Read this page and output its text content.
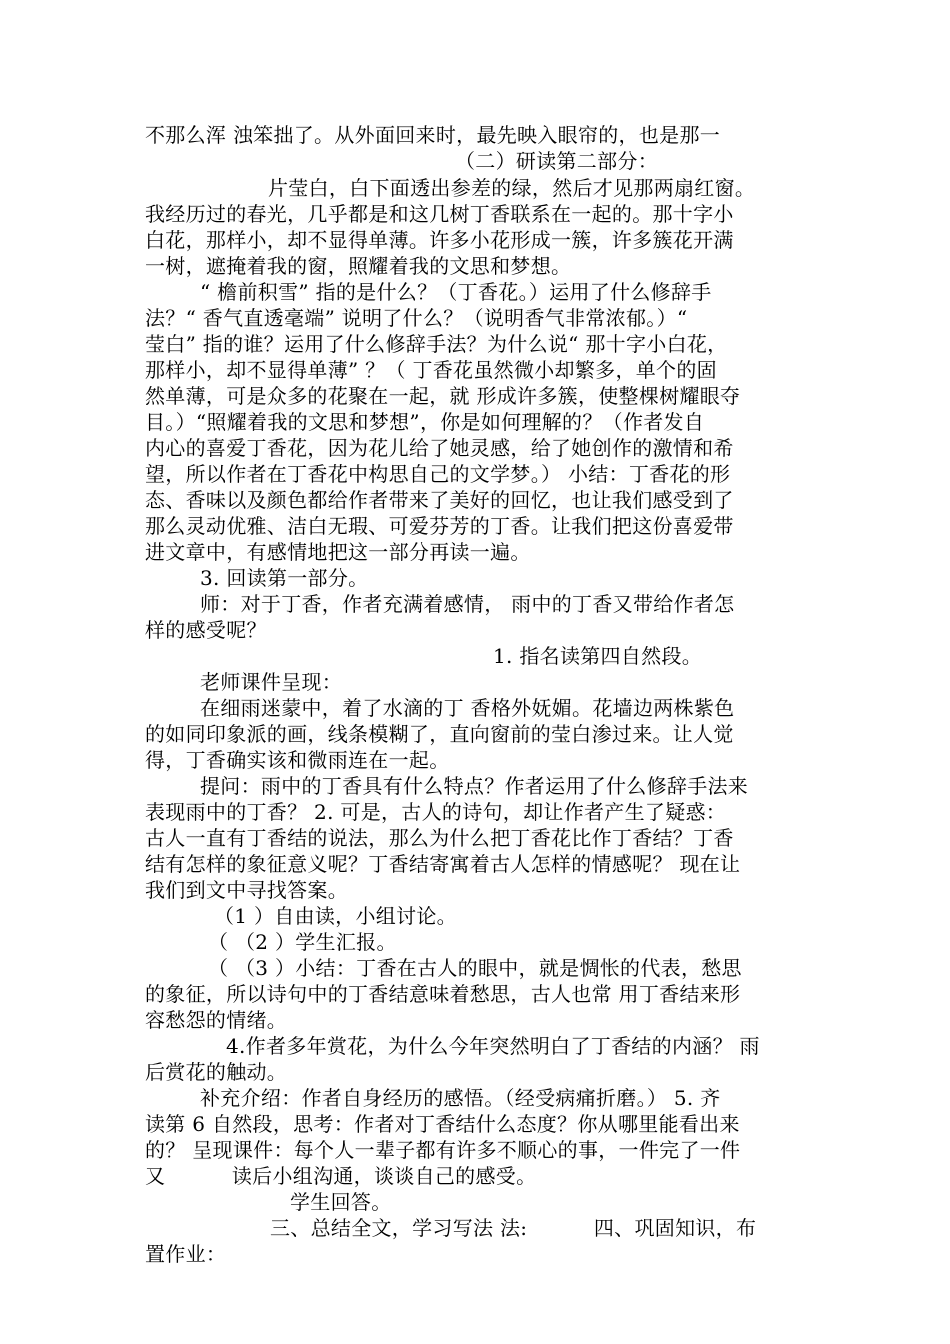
不那么浑 浊笨拙了。从外面回来时，最先映入眼帘的，也是那一
（二）研读第二部分：
片莹白，白下面透出参差的绿，然后才见那两扇红窗。
我经历过的春光，几乎都是和这几树丁香联系在一起的。那十字小
白花，那样小，却不显得单薄。许多小花形成一簇，许多簇花开满
一树，遮掩着我的窗，照耀着我的文思和梦想。
“ 檐前积雪” 指的是什么？（丁香花。）运用了什么修辞手
法？“ 香气直透毫端” 说明了什么？（说明香气非常浓郁。）“
莹白” 指的谁？运用了什么修辞手法？为什么说“ 那十字小白花，
那样小，却不显得单薄” ？（ 丁香花虽然微小却繁多，单个的固
然单薄，可是众多的花聚在一起，就 形成许多簇，使整棵树耀眼夺
目。）“照耀着我的文思和梦想”，你是如何理解的？（作者发自
内心的喜爱丁香花，因为花儿给了她灵感，给了她创作的激情和希
望，所以作者在丁香花中构思自己的文学梦。） 小结：丁香花的形
态、香味以及颜色都给作者带来了美好的回忆，也让我们感受到了
那么灵动优雅、洁白无瑕、可爱芬芳的丁香。让我们把这份喜爱带
进文章中，有感情地把这一部分再读一遍。
3. 回读第一部分。
师：对于丁香，作者充满着感情， 雨中的丁香又带给作者怎
样的感受呢？
1. 指名读第四自然段。
老师课件呈现：
在细雨迷蒙中，着了水滴的丁 香格外妩媚。花墙边两株紫色
的如同印象派的画，线条模糊了，直向窗前的莹白渗过来。让人觉
得，丁香确实该和微雨连在一起。
提问：雨中的丁香具有什么特点？作者运用了什么修辞手法来
表现雨中的丁香？ 2. 可是，古人的诗句，却让作者产生了疑惑：
古人一直有丁香结的说法，那么为什么把丁香花比作丁香结？丁香
结有怎样的象征意义呢？丁香结寄寓着古人怎样的情感呢？ 现在让
我们到文中寻找答案。
（1 ）自由读，小组讨论。
（ （2 ）学生汇报。
（ （3 ）小结：丁香在古人的眼中，就是惆怅的代表，愁思
的象征，所以诗句中的丁香结意味着愁思，古人也常 用丁香结来形
容愁怨的情绪。
4.作者多年赏花，为什么今年突然明白了丁香结的内涵？ 雨
后赏花的触动。
补充介绍：作者自身经历的感悟。（经受病痛折磨。） 5. 齐
读第 6 自然段，思考：作者对丁香结什么态度？你从哪里能看出来
的？ 呈现课件：每个人一辈子都有许多不顺心的事，一件完了一件
又          读后小组沟通，谈谈自己的感受。
学生回答。
三、总结全文，学习写法 法:          四、巩固知识，布
置作业：
